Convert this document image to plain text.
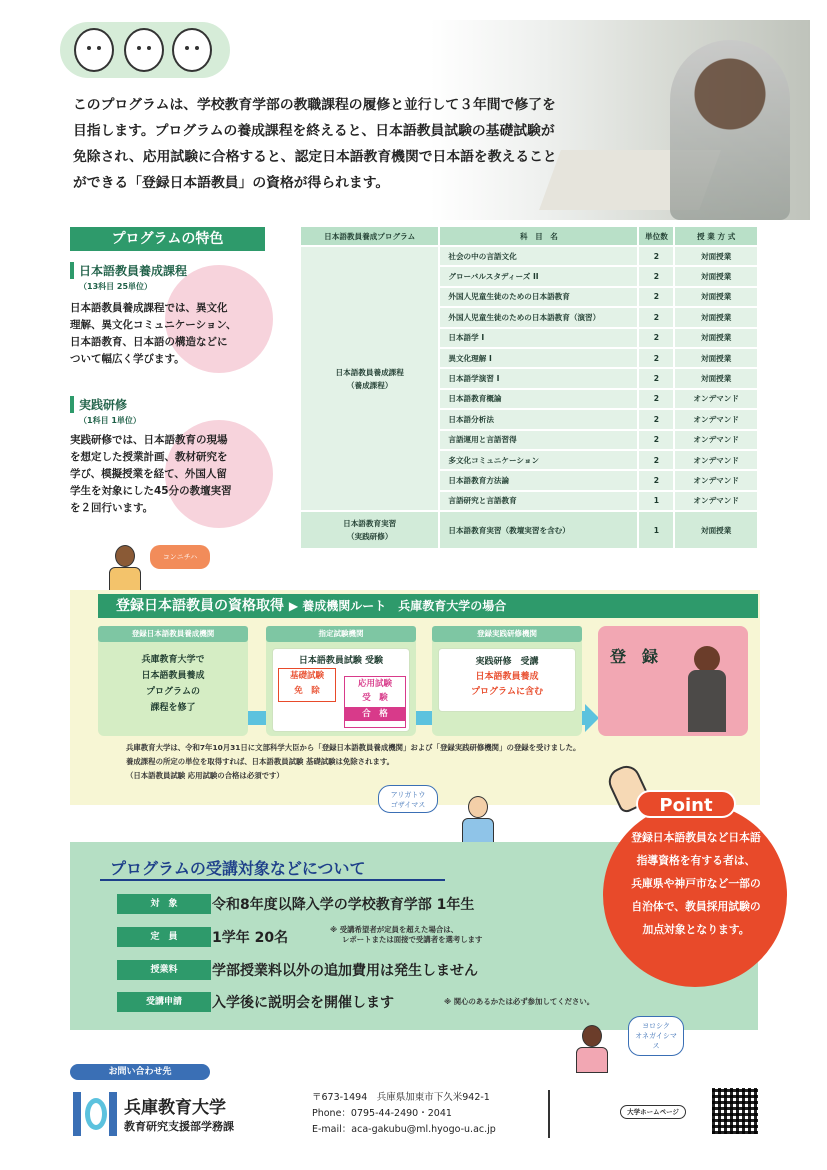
このプログラムは、学校教育学部の教職課程の履修と並行して３年間で修了を
目指します。プログラムの養成課程を終えると、日本語教員試験の基礎試験が
免除され、応用試験に合格すると、認定日本語教育機関で日本語を教えること
ができる「登録日本語教員」の資格が得られます。
プログラムの特色
日本語教員養成課程
（13科目 25単位）
日本語教員養成課程では、異文化
理解、異文化コミュニケーション、
日本語教育、日本語の構造などに
ついて幅広く学びます。
実践研修
（1科目 1単位）
実践研修では、日本語教育の現場
を想定した授業計画、教材研究を
学び、模擬授業を経て、外国人留
学生を対象にした45分の教壇実習
を２回行います。
日本語教員養成プログラム	科　目　名	単位数	授 業 方 式

日本語教員養成課程
（養成課程）	社会の中の言語文化	2	対面授業
	グローバルスタディーズ II	2	対面授業
	外国人児童生徒のための日本語教育	2	対面授業
	外国人児童生徒のための日本語教育（演習）	2	対面授業
	日本語学 I	2	対面授業
	異文化理解 I	2	対面授業
	日本語学演習 I	2	対面授業
	日本語教育概論	2	オンデマンド
	日本語分析法	2	オンデマンド
	言語運用と言語習得	2	オンデマンド
	多文化コミュニケーション	2	オンデマンド
	日本語教育方法論	2	オンデマンド
	言語研究と言語教育	1	オンデマンド

日本語教育実習
（実践研修）	日本語教育実習（教壇実習を含む）	1	対面授業
コンニチハ
登録日本語教員の資格取得 ▶ 養成機関ルート　兵庫教育大学の場合
登録日本語教員養成機関
兵庫教育大学で
日本語教員養成
プログラムの
課程を修了
指定試験機関
日本語教員試験 受験
基礎試験
免　除
応用試験
受　験
合　格
登録実践研修機関
実践研修　受講
日本語教員養成
プログラムに含む
登　録
兵庫教育大学は、令和7年10月31日に文部科学大臣から「登録日本語教員養成機関」および「登録実践研修機関」の登録を受けました。
養成課程の所定の単位を取得すれば、日本語教員試験 基礎試験は免除されます。
（日本語教員試験 応用試験の合格は必須です）
アリガトウ
ゴザイマス
プログラムの受講対象などについて
対　象	令和8年度以降入学の学校教育学部 1年生
定　員	1学年 20名
※ 受講希望者が定員を超えた場合は、
レポートまたは面接で受講者を選考します
授業料	学部授業料以外の追加費用は発生しません
受講申請	入学後に説明会を開催します	※ 関心のあるかたは必ず参加してください。
Point
登録日本語教員など日本語
指導資格を有する者は、
兵庫県や神戸市など一部の
自治体で、教員採用試験の
加点対象となります。
ヨロシク
オネガイシマ
ス
お問い合わせ先
兵庫教育大学
教育研究支援部学務課
〒673-1494　兵庫県加東市下久米942-1
Phone：0795-44-2490・2041
E-mail：aca-gakubu@ml.hyogo-u.ac.jp
大学ホームページ
